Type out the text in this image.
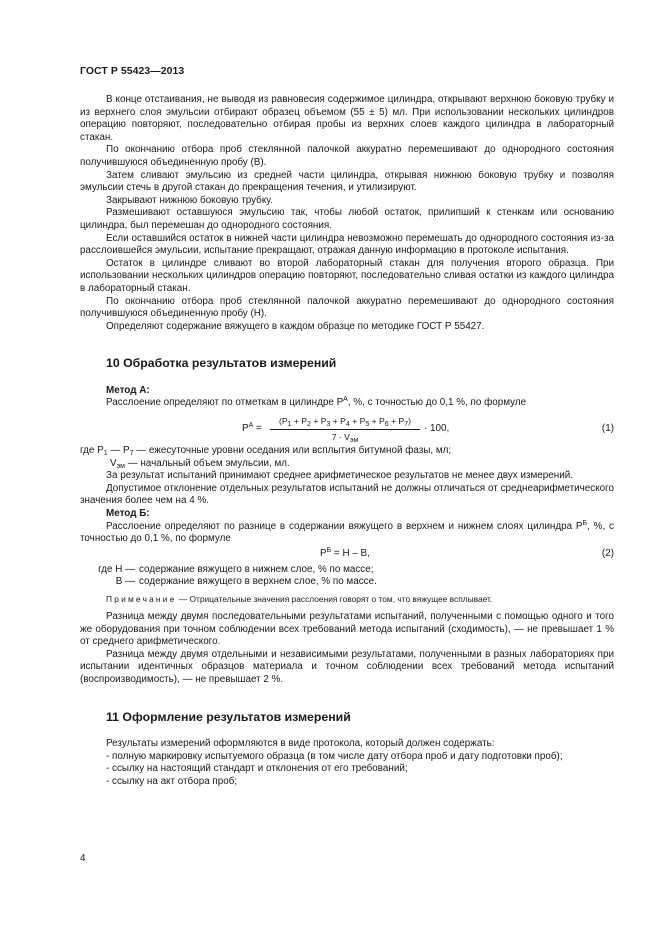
ГОСТ Р 55423—2013

В конце отстаивания, не выводя из равновесия содержимое цилиндра, открывают верхнюю боковую трубку и из верхнего слоя эмульсии отбирают образец объемом (55 ± 5) мл. При использовании нескольких цилиндров операцию повторяют, последовательно отбирая пробы из верхних слоев каждого цилиндра в лабораторный стакан.

По окончанию отбора проб стеклянной палочкой аккуратно перемешивают до однородного состояния получившуюся объединенную пробу (В).

Затем сливают эмульсию из средней части цилиндра, открывая нижнюю боковую трубку и позволяя эмульсии стечь в другой стакан до прекращения течения, и утилизируют.

Закрывают нижнюю боковую трубку.

Размешивают оставшуюся эмульсию так, чтобы любой остаток, прилипший к стенкам или основанию цилиндра, был перемешан до однородного состояния.

Если оставшийся остаток в нижней части цилиндра невозможно перемешать до однородного состояния из-за расслоившейся эмульсии, испытание прекращают, отражая данную информацию в протоколе испытания.

Остаток в цилиндре сливают во второй лабораторный стакан для получения второго образца. При использовании нескольких цилиндров операцию повторяют, последовательно сливая остатки из каждого цилиндра в лабораторный стакан.

По окончанию отбора проб стеклянной палочкой аккуратно перемешивают до однородного состояния получившуюся объединенную пробу (Н).

Определяют содержание вяжущего в каждом образце по методике ГОСТ Р 55427.

10 Обработка результатов измерений

Метод А:

Расслоение определяют по отметкам в цилиндре $Р^А$, %, с точностью до 0,1 %, по формуле

$Р^А$ =
$(P_1 + P_2 + P_3 + P_4 + P_5 + P_6 + P_7)$
$7 \cdot V_{эм}$
· 100,	(1)

где $Р_1$ — $Р_7$ — ежесуточные уровни оседания или всплытия битумной фазы, мл;

$V_{эм}$ — начальный объем эмульсии, мл.

За результат испытаний принимают среднее арифметическое результатов не менее двух измерений.

Допустимое отклонение отдельных результатов испытаний не должны отличаться от среднеарифметического значения более чем на 4 %.

Метод Б:

Расслоение определяют по разнице в содержании вяжущего в верхнем и нижнем слоях цилиндра $Р^Б$, %, с точностью до 0,1 %, по формуле

$Р^Б = Н - В$,	(2)
где Н — содержание вяжущего в нижнем слое, % по массе;
В — содержание вяжущего в верхнем слое, % по массе.
Примечание — Отрицательные значения расслоения говорят о том, что вяжущее всплывает.

Разница между двумя последовательными результатами испытаний, полученными с помощью одного и того же оборудования при точном соблюдении всех требований метода испытаний (сходимость), — не превышает 1 % от среднего арифметического.

Разница между двумя отдельными и независимыми результатами, полученными в разных лабораториях при испытании идентичных образцов материала и точном соблюдении всех требований метода испытаний (воспроизводимость), — не превышает 2 %.

11 Оформление результатов измерений

Результаты измерений оформляются в виде протокола, который должен содержать:

- полную маркировку испытуемого образца (в том числе дату отбора проб и дату подготовки проб);

- ссылку на настоящий стандарт и отклонения от его требований;

- ссылку на акт отбора проб;

4
